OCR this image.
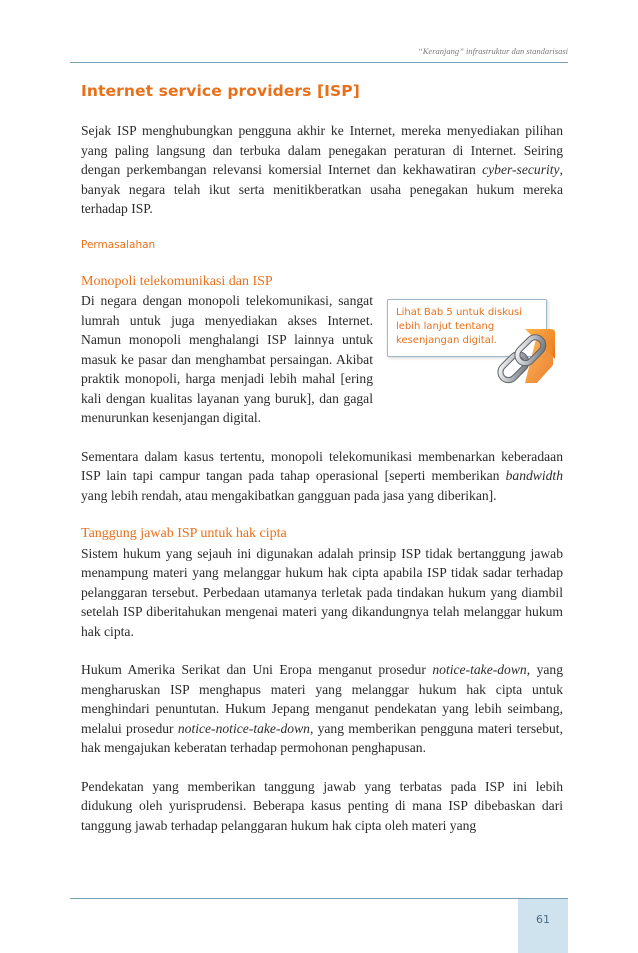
“Keranjang” infrastruktur dan standarisasi
Internet service providers [ISP]

Sejak ISP menghubungkan pengguna akhir ke Internet, mereka menyediakan pilihan yang paling langsung dan terbuka dalam penegakan peraturan di Internet. Seiring dengan perkembangan relevansi komersial Internet dan kekhawatiran cyber-security, banyak negara telah ikut serta menitikberatkan usaha penegakan hukum mereka terhadap ISP.

Permasalahan
Monopoli telekomunikasi dan ISP
Lihat Bab 5 untuk diskusi lebih lanjut tentang kesenjangan digital.

Di negara dengan monopoli telekomunikasi, sangat lumrah untuk juga menyediakan akses Internet. Namun monopoli menghalangi ISP lainnya untuk masuk ke pasar dan menghambat persaingan. Akibat praktik monopoli, harga menjadi lebih mahal [ering kali dengan kualitas layanan yang buruk], dan gagal menurunkan kesenjangan digital.

Sementara dalam kasus tertentu, monopoli telekomunikasi membenarkan keberadaan ISP lain tapi campur tangan pada tahap operasional [seperti memberikan bandwidth yang lebih rendah, atau mengakibatkan gangguan pada jasa yang diberikan].

Tanggung jawab ISP untuk hak cipta

Sistem hukum yang sejauh ini digunakan adalah prinsip ISP tidak bertanggung jawab menampung materi yang melanggar hukum hak cipta apabila ISP tidak sadar terhadap pelanggaran tersebut. Perbedaan utamanya terletak pada tindakan hukum yang diambil setelah ISP diberitahukan mengenai materi yang dikandungnya telah melanggar hukum hak cipta.

Hukum Amerika Serikat dan Uni Eropa menganut prosedur notice-take-down, yang mengharuskan ISP menghapus materi yang melanggar hukum hak cipta untuk menghindari penuntutan. Hukum Jepang menganut pendekatan yang lebih seimbang, melalui prosedur notice-notice-take-down, yang memberikan pengguna materi tersebut, hak mengajukan keberatan terhadap permohonan penghapusan.

Pendekatan yang memberikan tanggung jawab yang terbatas pada ISP ini lebih didukung oleh yurisprudensi. Beberapa kasus penting di mana ISP dibebaskan dari tanggung jawab terhadap pelanggaran hukum hak cipta oleh materi yang

61
